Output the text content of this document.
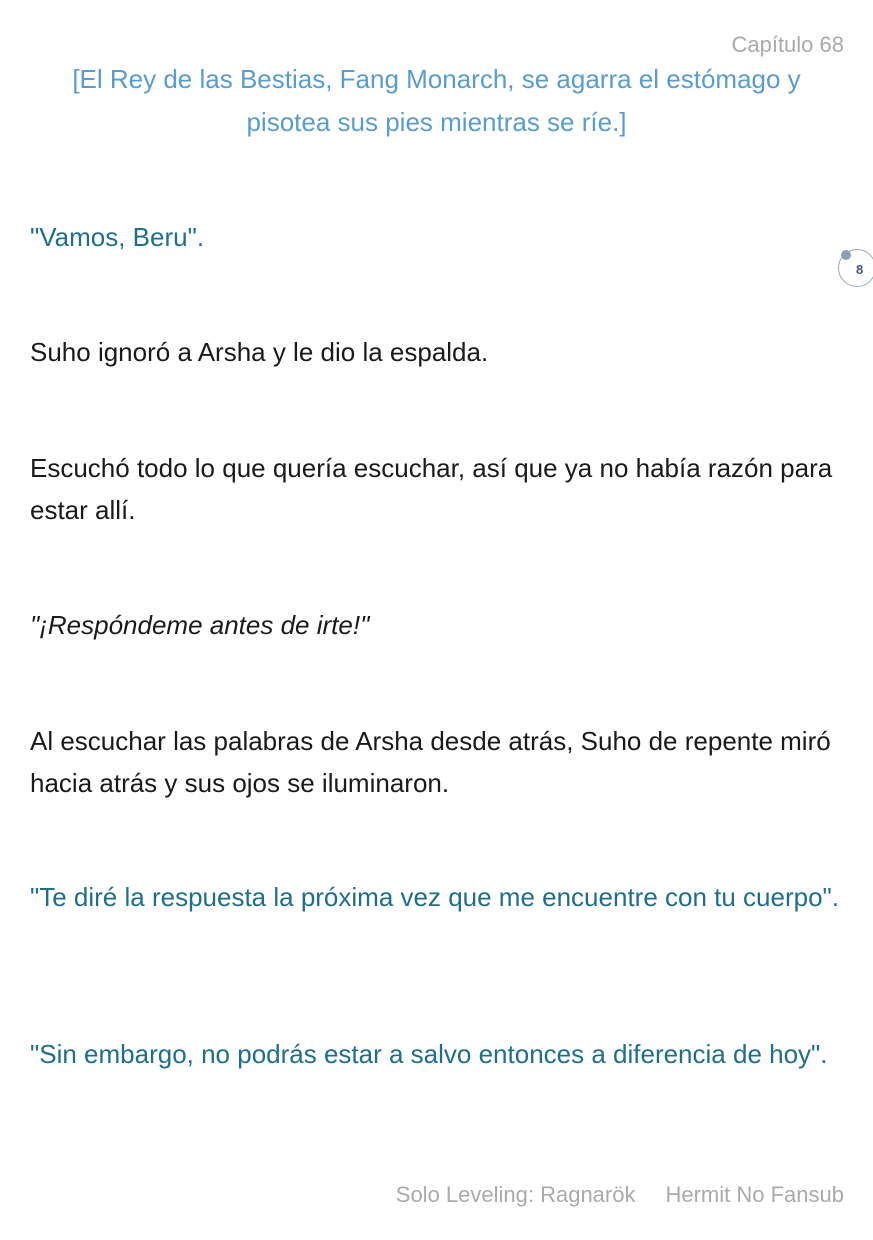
Capítulo 68
[El Rey de las Bestias, Fang Monarch, se agarra el estómago y pisotea sus pies mientras se ríe.]

"Vamos, Beru".

Suho ignoró a Arsha y le dio la espalda.

Escuchó todo lo que quería escuchar, así que ya no había razón para estar allí.

"¡Respóndeme antes de irte!"

Al escuchar las palabras de Arsha desde atrás, Suho de repente miró hacia atrás y sus ojos se iluminaron.

"Te diré la respuesta la próxima vez que me encuentre con tu cuerpo".

"Sin embargo, no podrás estar a salvo entonces a diferencia de hoy".

8
Solo Leveling: Ragnarök Hermit No Fansub
